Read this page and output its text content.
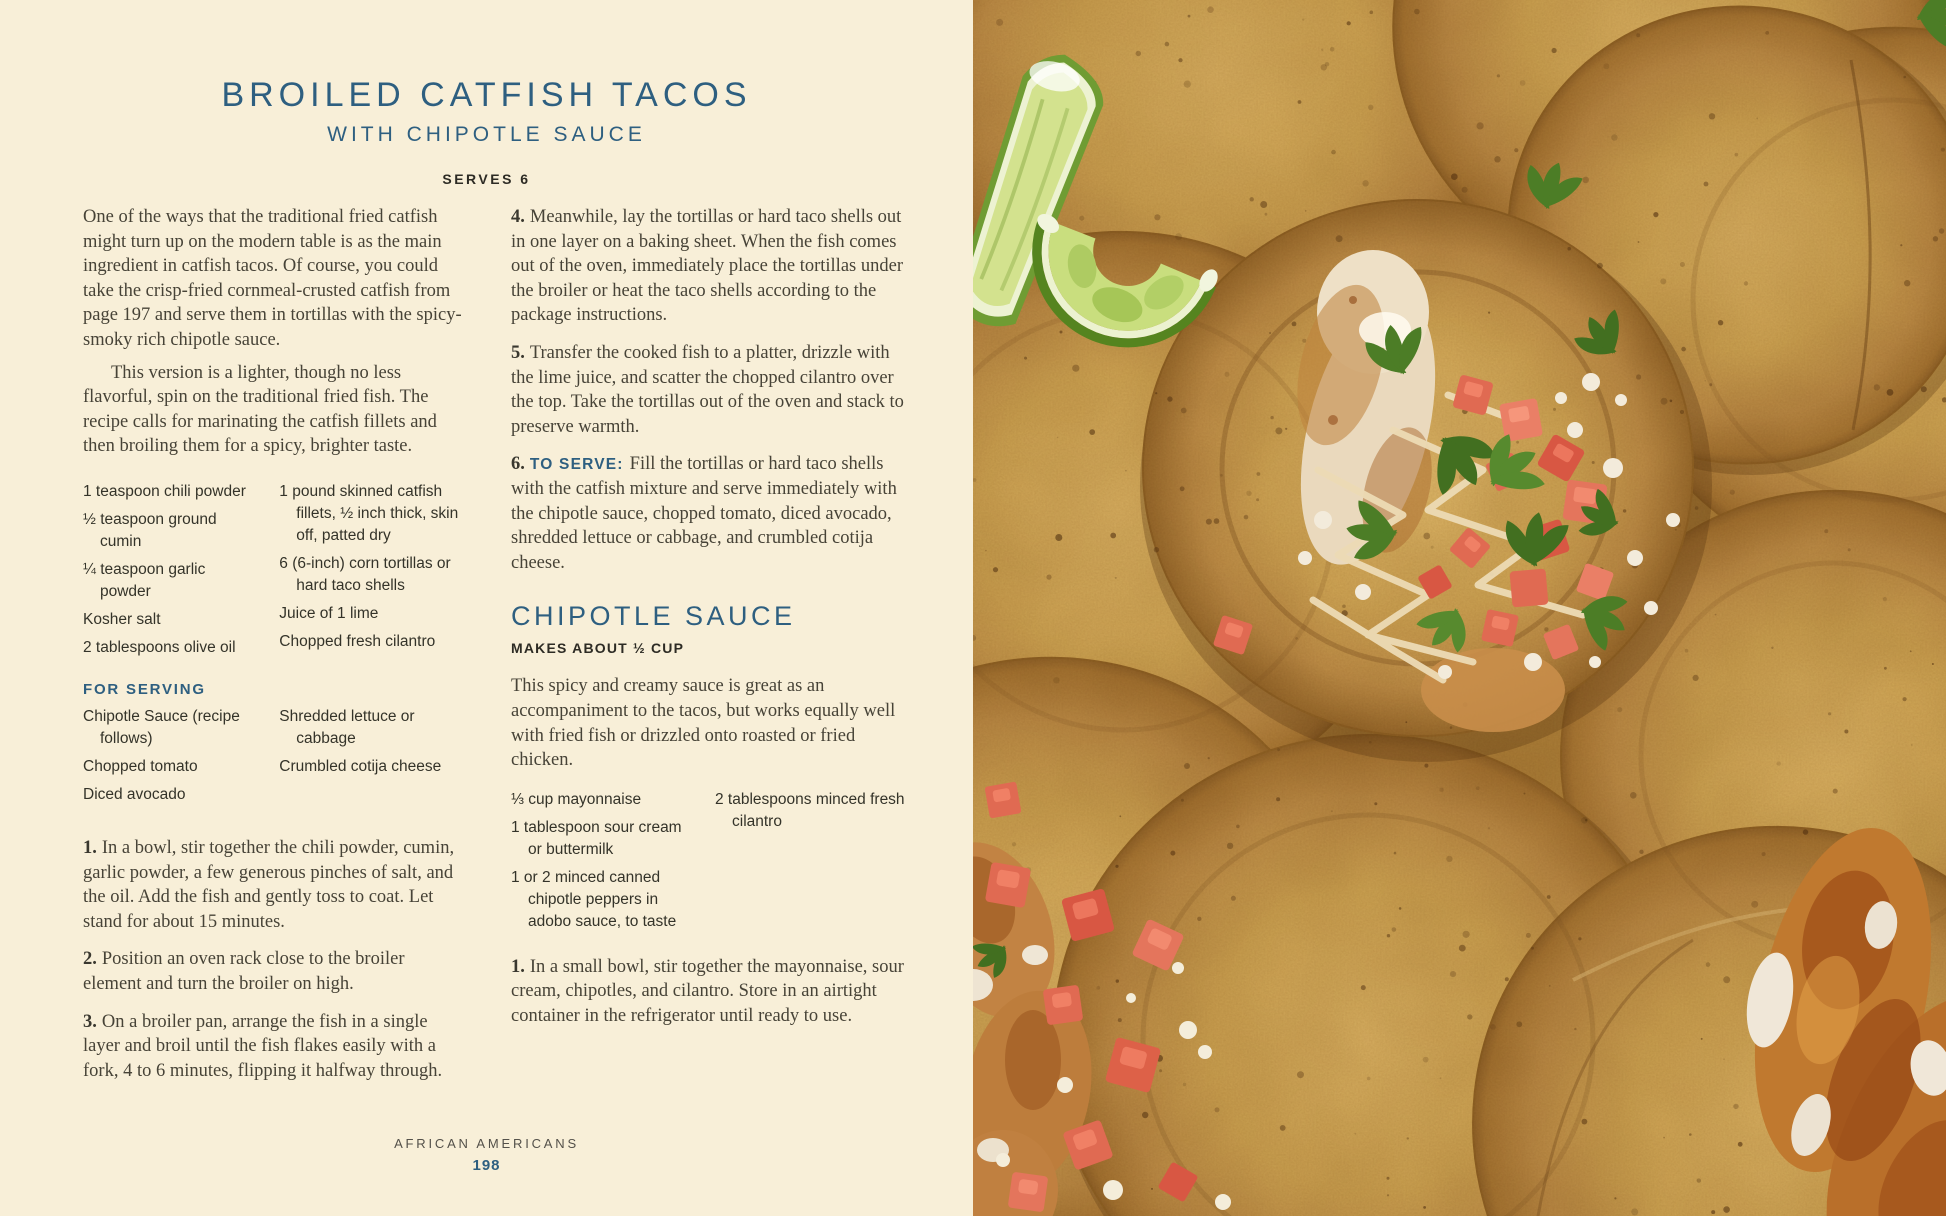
BROILED CATFISH TACOS
WITH CHIPOTLE SAUCE
SERVES 6

One of the ways that the traditional fried catfish might turn up on the modern table is as the main ingredient in catfish tacos. Of course, you could take the crisp-fried cornmeal-crusted catfish from page 197 and serve them in tortillas with the spicy-smoky rich chipotle sauce.

This version is a lighter, though no less flavorful, spin on the traditional fried fish. The recipe calls for marinating the catfish fillets and then broiling them for a spicy, brighter taste.

1 teaspoon chili powder
½ teaspoon ground cumin
¼ teaspoon garlic powder
Kosher salt
2 tablespoons olive oil
1 pound skinned catfish fillets, ½ inch thick, skin off, patted dry
6 (6-inch) corn tortillas or hard taco shells
Juice of 1 lime
Chopped fresh cilantro
FOR SERVING
Chipotle Sauce (recipe follows)
Chopped tomato
Diced avocado
Shredded lettuce or cabbage
Crumbled cotija cheese

1. In a bowl, stir together the chili powder, cumin, garlic powder, a few generous pinches of salt, and the oil. Add the fish and gently toss to coat. Let stand for about 15 minutes.

2. Position an oven rack close to the broiler element and turn the broiler on high.

3. On a broiler pan, arrange the fish in a single layer and broil until the fish flakes easily with a fork, 4 to 6 minutes, flipping it halfway through.

4. Meanwhile, lay the tortillas or hard taco shells out in one layer on a baking sheet. When the fish comes out of the oven, immediately place the tortillas under the broiler or heat the taco shells according to the package instructions.

5. Transfer the cooked fish to a platter, drizzle with the lime juice, and scatter the chopped cilantro over the top. Take the tortillas out of the oven and stack to preserve warmth.

6. TO SERVE: Fill the tortillas or hard taco shells with the catfish mixture and serve immediately with the chipotle sauce, chopped tomato, diced avocado, shredded lettuce or cabbage, and crumbled cotija cheese.

CHIPOTLE SAUCE
MAKES ABOUT ½ CUP

This spicy and creamy sauce is great as an accompaniment to the tacos, but works equally well with fried fish or drizzled onto roasted or fried chicken.

⅓ cup mayonnaise
1 tablespoon sour cream or buttermilk
1 or 2 minced canned chipotle peppers in adobo sauce, to taste
2 tablespoons minced fresh cilantro

1. In a small bowl, stir together the mayonnaise, sour cream, chipotles, and cilantro. Store in an airtight container in the refrigerator until ready to use.

AFRICAN AMERICANS
198
